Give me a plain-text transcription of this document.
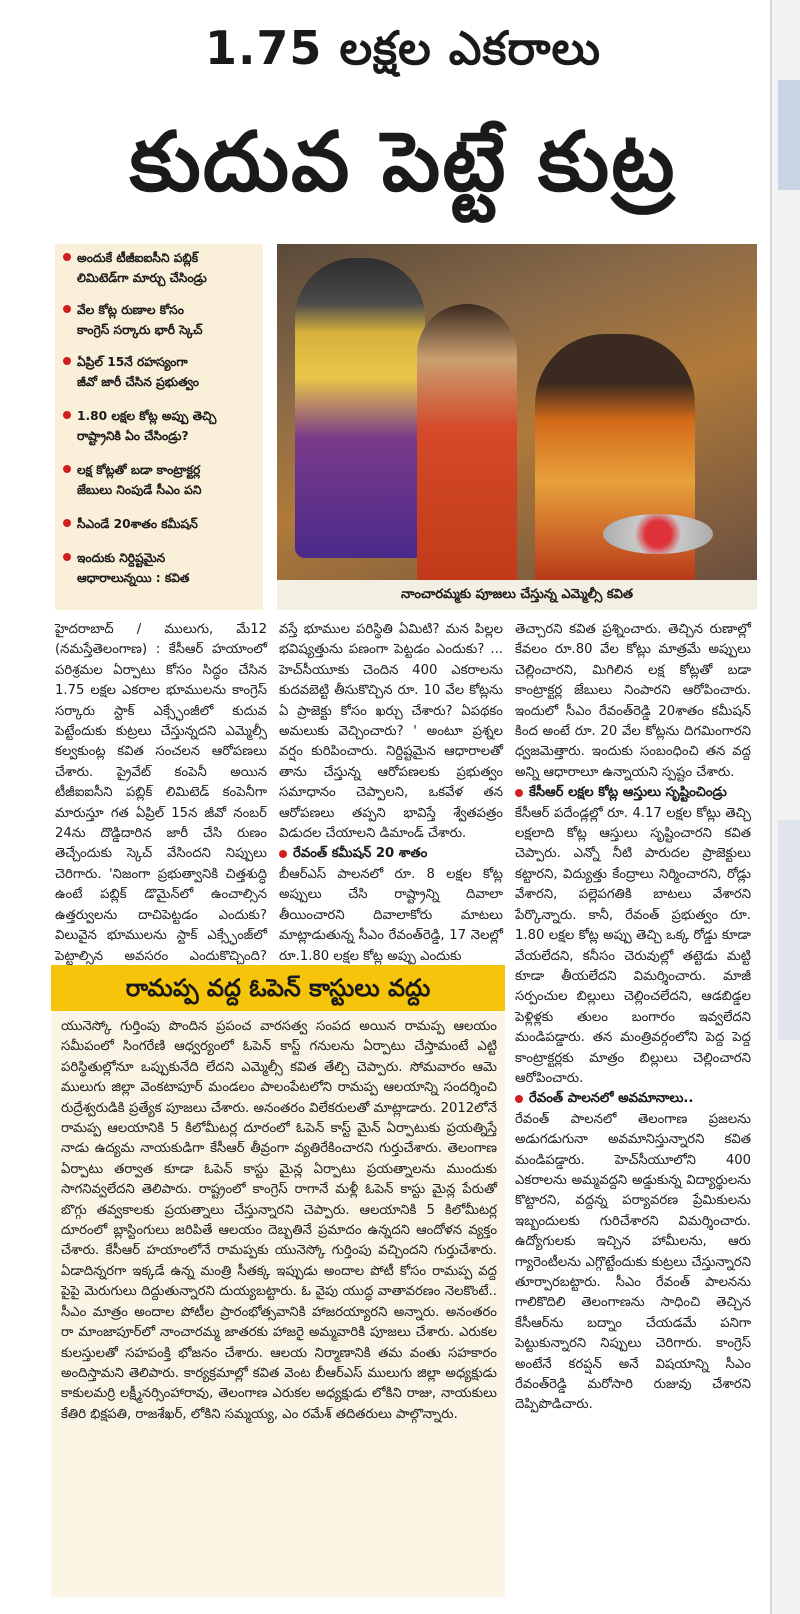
1.75 లక్షల ఎకరాలు
కుదువ పెట్టే కుట్ర
అందుకే టీజీఐఐసీని పబ్లిక్
లిమిటెడ్‌గా మార్చు చేసిండ్రు
వేల కోట్ల రుణాల కోసం
కాంగ్రెస్ సర్కారు భారీ స్కెచ్
ఏప్రిల్ 15నే రహస్యంగా
జీవో జారీ చేసిన ప్రభుత్వం
1.80 లక్షల కోట్ల అప్పు తెచ్చి
రాష్ట్రానికి ఏం చేసిండ్రు?
లక్ష కోట్లతో బడా కాంట్రాక్టర్ల
జేబులు నింపుడే సీఎం పని
సీఎండే 20శాతం కమీషన్
ఇందుకు నిర్దిష్టమైన
ఆధారాలున్నయి : కవిత
నాంచారమ్మకు పూజలు చేస్తున్న ఎమ్మెల్సీ కవిత
హైదరాబాద్ / ములుగు, మే12 (నమస్తేతెలంగాణ) : కేసీఆర్ హయాంలో పరిశ్రమల ఏర్పాటు కోసం సిద్ధం చేసిన 1.75 లక్షల ఎకరాల భూములను కాంగ్రెస్ సర్కారు స్టాక్ ఎక్స్ఛేంజీలో కుదువ పెట్టేందుకు కుట్రలు చేస్తున్నదని ఎమ్మెల్సీ కల్వకుంట్ల కవిత సంచలన ఆరోపణలు చేశారు. ప్రైవేట్ కంపెనీ అయిన టీజీఐఐసీని పబ్లిక్ లిమిటెడ్ కంపెనీగా మారుస్తూ గత ఏప్రిల్ 15న జీవో నంబర్ 24ను దొడ్డిదారిన జారీ చేసి రుణం తెచ్చేందుకు స్కెచ్ వేసిందని నిప్పులు చెరిగారు. 'నిజంగా ప్రభుత్వానికి చిత్తశుద్ధి ఉంటే పబ్లిక్ డొమైన్‌లో ఉంచాల్సిన ఉత్తర్వులను దాచిపెట్టడం ఎందుకు? విలువైన భూములను స్టాక్ ఎక్స్ఛేంజ్‌లో పెట్టాల్సిన అవసరం ఎందుకొచ్చింది?
వస్తే భూముల పరిస్థితి ఏమిటి? మన పిల్లల భవిష్యత్తును పణంగా పెట్టడం ఎందుకు? ... హెచ్‌సీయూకు చెందిన 400 ఎకరాలను కుదవబెట్టి తీసుకొచ్చిన రూ. 10 వేల కోట్లను ఏ ప్రాజెక్టు కోసం ఖర్చు చేశారు? ఏపథకం అమలుకు వెచ్చించారు? ' అంటూ ప్రశ్నల వర్షం కురిపించారు. నిర్దిష్టమైన ఆధారాలతో తాను చేస్తున్న ఆరోపణలకు ప్రభుత్వం సమాధానం చెప్పాలని, ఒకవేళ తన ఆరోపణలు తప్పని భావిస్తే శ్వేతపత్రం విడుదల చేయాలని డిమాండ్ చేశారు.
రేవంత్ కమీషన్ 20 శాతం
బీఆర్‌ఎస్ పాలనలో రూ. 8 లక్షల కోట్ల అప్పులు చేసి రాష్ట్రాన్ని దివాలా తీయించారని దివాలాకోరు మాటలు మాట్లాడుతున్న సీఎం రేవంత్‌రెడ్డి, 17 నెలల్లో రూ.1.80 లక్షల కోట్ల అప్పు ఎందుకు
తెచ్చారని కవిత ప్రశ్నించారు. తెచ్చిన రుణాల్లో కేవలం రూ.80 వేల కోట్లు మాత్రమే అప్పులు చెల్లించారని, మిగిలిన లక్ష కోట్లతో బడా కాంట్రాక్టర్ల జేబులు నింపారని ఆరోపించారు. ఇందులో సీఎం రేవంత్‌రెడ్డి 20శాతం కమీషన్ కింద అంటే రూ. 20 వేల కోట్లను దిగమింగారని ధ్వజమెత్తారు. ఇందుకు సంబంధించి తన వద్ద అన్ని ఆధారాలూ ఉన్నాయని స్పష్టం చేశారు.
కేసీఆర్ లక్షల కోట్ల ఆస్తులు సృష్టించిండ్రు
కేసీఆర్ పదేండ్లల్లో రూ. 4.17 లక్షల కోట్లు తెచ్చి లక్షలాది కోట్ల ఆస్తులు సృష్టించారని కవిత చెప్పారు. ఎన్నో నీటి పారుదల ప్రాజెక్టులు కట్టారని, విద్యుత్తు కేంద్రాలు నిర్మించారని, రోడ్లు వేశారని, పల్లెపగతికి బాటలు వేశారని పేర్కొన్నారు. కానీ, రేవంత్ ప్రభుత్వం రూ. 1.80 లక్షల కోట్ల అప్పు తెచ్చి ఒక్క రోడ్డు కూడా వేయలేదని, కనీసం చెరువుల్లో తట్టెడు మట్టి కూడా తీయలేదని విమర్శించారు. మాజీ సర్పంచుల బిల్లులు చెల్లించలేదని, ఆడబిడ్డల పెళ్లిళ్లకు తులం బంగారం ఇవ్వలేదని మండిపడ్డారు. తన మంత్రివర్గంలోని పెద్ద పెద్ద కాంట్రాక్టర్లకు మాత్రం బిల్లులు చెల్లించారని ఆరోపించారు.
రేవంత్ పాలనలో అవమానాలు..
రేవంత్ పాలనలో తెలంగాణ ప్రజలను అడుగడుగునా అవమానిస్తున్నారని కవిత మండిపడ్డారు. హెచ్‌సీయూలోని 400 ఎకరాలను అమ్మవద్దని అడ్డుకున్న విద్యార్థులను కొట్టారని, వద్దన్న పర్యావరణ ప్రేమికులను ఇబ్బందులకు గురిచేశారని విమర్శించారు. ఉద్యోగులకు ఇచ్చిన హామీలను, ఆరు గ్యారెంటీలను ఎగ్గొట్టేందుకు కుట్రలు చేస్తున్నారని తూర్పారబట్టారు. సీఎం రేవంత్ పాలనను గాలికొదిలి తెలంగాణను సాధించి తెచ్చిన కేసీఆర్‌ను బద్నాం చేయడమే పనిగా పెట్టుకున్నారని నిప్పులు చెరిగారు. కాంగ్రెస్ అంటేనే కరప్షన్ అనే విషయాన్ని సీఎం రేవంత్‌రెడ్డి మరోసారి రుజువు చేశారని దెప్పిపొడిచారు.
రామప్ప వద్ద ఓపెన్ కాస్టులు వద్దు
యునెస్కో గుర్తింపు పొందిన ప్రపంచ వారసత్వ సంపద అయిన రామప్ప ఆలయం సమీపంలో సింగరేణి ఆధ్వర్యంలో ఓపెన్ కాస్ట్ గనులను ఏర్పాటు చేస్తామంటే ఎట్టి పరిస్థితుల్లోనూ ఒప్పుకునేది లేదని ఎమ్మెల్సీ కవిత తేల్చి చెప్పారు. సోమవారం ఆమె ములుగు జిల్లా వెంకటాపూర్ మండలం పాలంపేటలోని రామప్ప ఆలయాన్ని సందర్శించి రుద్రేశ్వరుడికి ప్రత్యేక పూజలు చేశారు. అనంతరం విలేకరులతో మాట్లాడారు. 2012లోనే రామప్ప ఆలయానికి 5 కిలోమీటర్ల దూరంలో ఓపెన్ కాస్ట్ మైన్ ఏర్పాటుకు ప్రయత్నిస్తే నాడు ఉద్యమ నాయకుడిగా కేసీఆర్ తీవ్రంగా వ్యతిరేకించారని గుర్తుచేశారు. తెలంగాణ ఏర్పాటు తర్వాత కూడా ఓపెన్ కాస్టు మైన్ల ఏర్పాటు ప్రయత్నాలను ముందుకు సాగనివ్వలేదని తెలిపారు. రాష్ట్రంలో కాంగ్రెస్ రాగానే మళ్లీ ఓపెన్ కాస్టు మైన్ల పేరుతో బొగ్గు తవ్వకాలకు ప్రయత్నాలు చేస్తున్నారని చెప్పారు. ఆలయానికి 5 కిలోమీటర్ల దూరంలో బ్లాస్టింగులు జరిపితే ఆలయం దెబ్బతినే ప్రమాదం ఉన్నదని ఆందోళన వ్యక్తం చేశారు. కేసీఆర్ హయాంలోనే రామప్పకు యునెస్కో గుర్తింపు వచ్చిందని గుర్తుచేశారు. ఏడాదిన్నరగా ఇక్కడే ఉన్న మంత్రి సీతక్క ఇప్పుడు అందాల పోటీ కోసం రామప్ప వద్ద పైపై మెరుగులు దిద్దుతున్నారని దుయ్యబట్టారు. ఓ వైపు యుద్ధ వాతావరణం నెలకొంటే.. సీఎం మాత్రం అందాల పోటీల ప్రారంభోత్సవానికి హాజరయ్యారని అన్నారు. అనంతరం రా మాంజాపూర్‌లో నాంచారమ్మ జాతరకు హాజరై అమ్మవారికి పూజలు చేశారు. ఎరుకల కులస్తులతో సహపంక్తి భోజనం చేశారు. ఆలయ నిర్మాణానికి తమ వంతు సహకారం అందిస్తామని తెలిపారు. కార్యక్రమాల్లో కవిత వెంట బీఆర్‌ఎస్ ములుగు జిల్లా అధ్యక్షుడు కాకులమర్రి లక్ష్మీనర్సింహారావు, తెలంగాణ ఎరుకల అధ్యక్షుడు లోకిని రాజు, నాయకులు కేతిరి భిక్షపతి, రాజశేఖర్, లోకిని సమ్మయ్య, ఎం రమేశ్ తదితరులు పాల్గొన్నారు.
